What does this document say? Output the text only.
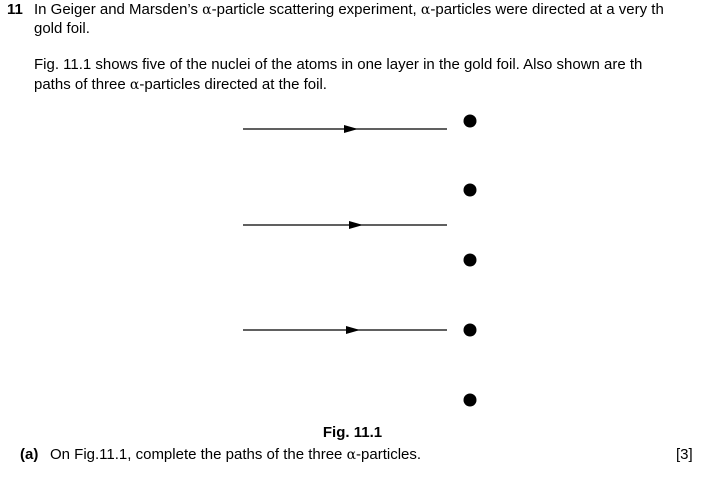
11 In Geiger and Marsden’s α-particle scattering experiment, α-particles were directed at a very th
gold foil.
Fig. 11.1 shows five of the nuclei of the atoms in one layer in the gold foil. Also shown are th
paths of three α-particles directed at the foil.
Fig. 11.1
(a) On Fig.11.1, complete the paths of the three α-particles.	[3]
